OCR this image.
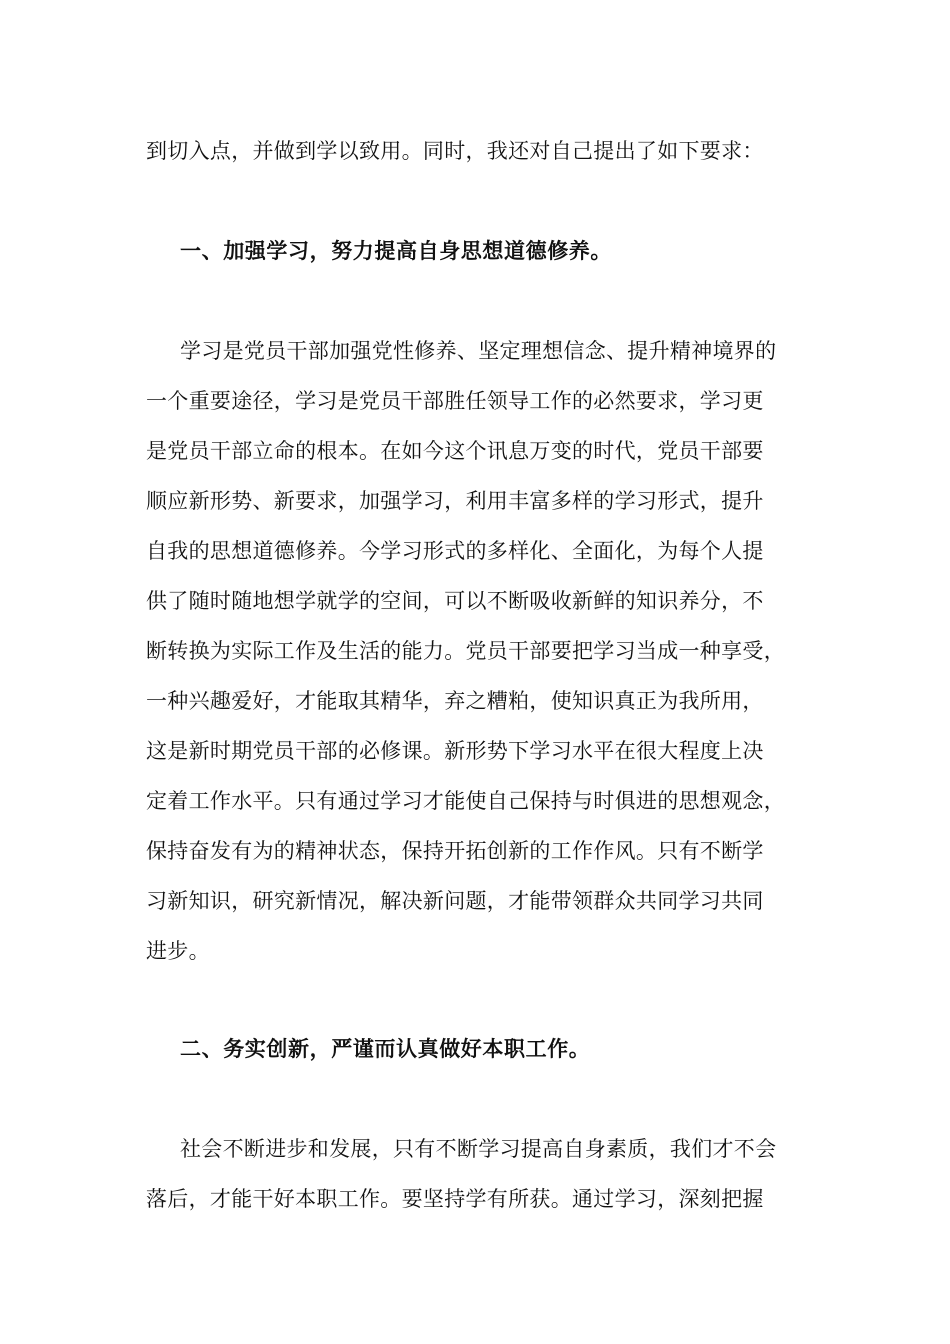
到切入点，并做到学以致用。同时，我还对自己提出了如下要求：
一、加强学习，努力提高自身思想道德修养。
学习是党员干部加强党性修养、坚定理想信念、提升精神境界的
一个重要途径，学习是党员干部胜任领导工作的必然要求，学习更
是党员干部立命的根本。在如今这个讯息万变的时代，党员干部要
顺应新形势、新要求，加强学习，利用丰富多样的学习形式，提升
自我的思想道德修养。今学习形式的多样化、全面化，为每个人提
供了随时随地想学就学的空间，可以不断吸收新鲜的知识养分，不
断转换为实际工作及生活的能力。党员干部要把学习当成一种享受，
一种兴趣爱好，才能取其精华，弃之糟粕，使知识真正为我所用，
这是新时期党员干部的必修课。新形势下学习水平在很大程度上决
定着工作水平。只有通过学习才能使自己保持与时俱进的思想观念，
保持奋发有为的精神状态，保持开拓创新的工作作风。只有不断学
习新知识，研究新情况，解决新问题，才能带领群众共同学习共同
进步。
二、务实创新，严谨而认真做好本职工作。
社会不断进步和发展，只有不断学习提高自身素质，我们才不会
落后，才能干好本职工作。要坚持学有所获。通过学习，深刻把握
